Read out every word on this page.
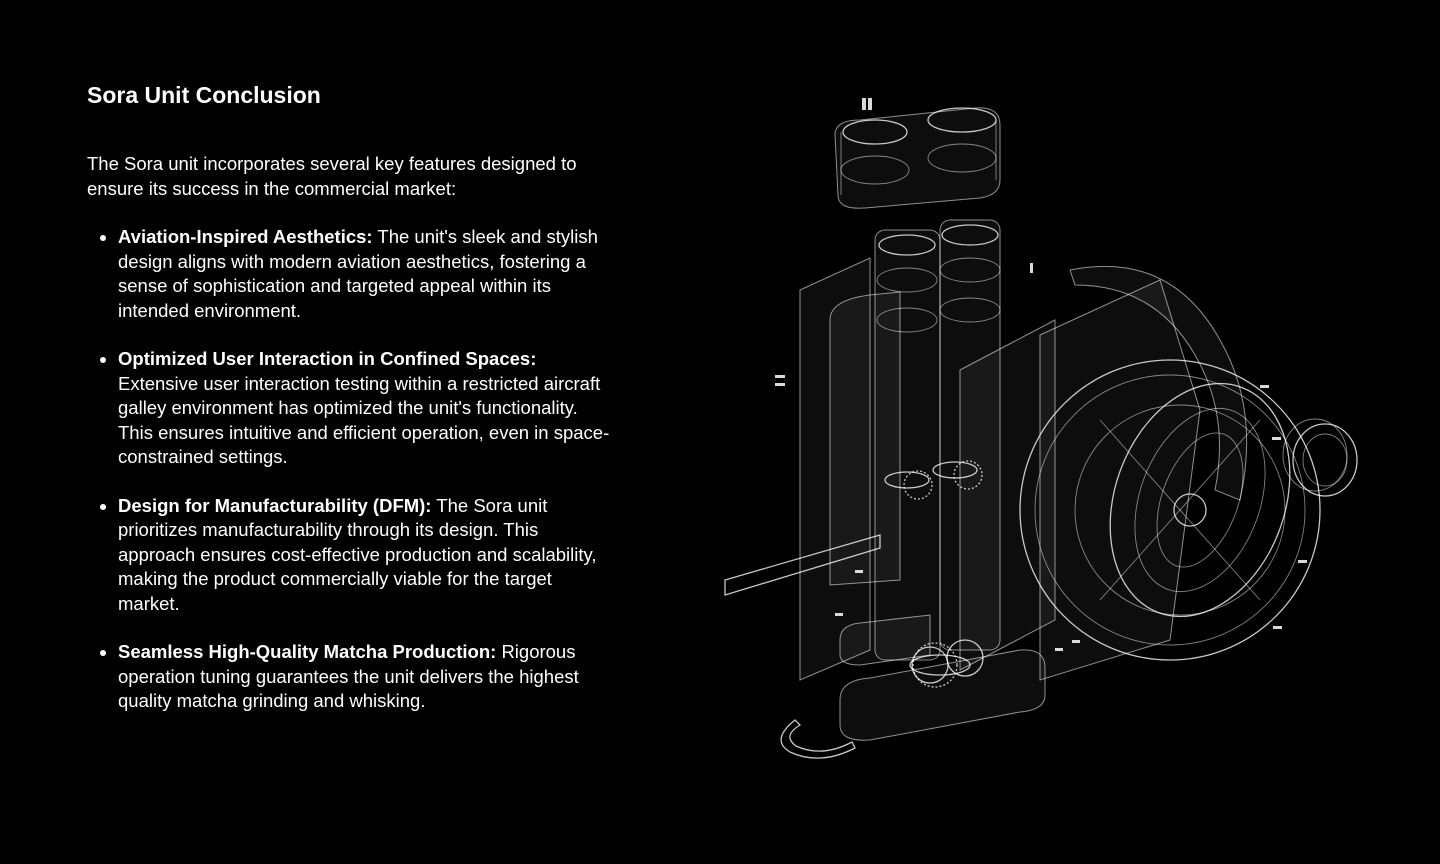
Sora Unit Conclusion

The Sora unit incorporates several key features designed to ensure its success in the commercial market:

• Aviation-Inspired Aesthetics: The unit's sleek and stylish design aligns with modern aviation aesthetics, fostering a sense of sophistication and targeted appeal within its intended environment.
• Optimized User Interaction in Confined Spaces:
Extensive user interaction testing within a restricted aircraft galley environment has optimized the unit's functionality. This ensures intuitive and efficient operation, even in space-constrained settings.
• Design for Manufacturability (DFM): The Sora unit prioritizes manufacturability through its design. This approach ensures cost-effective production and scalability, making the product commercially viable for the target market.
• Seamless High-Quality Matcha Production: Rigorous operation tuning guarantees the unit delivers the highest quality matcha grinding and whisking.
